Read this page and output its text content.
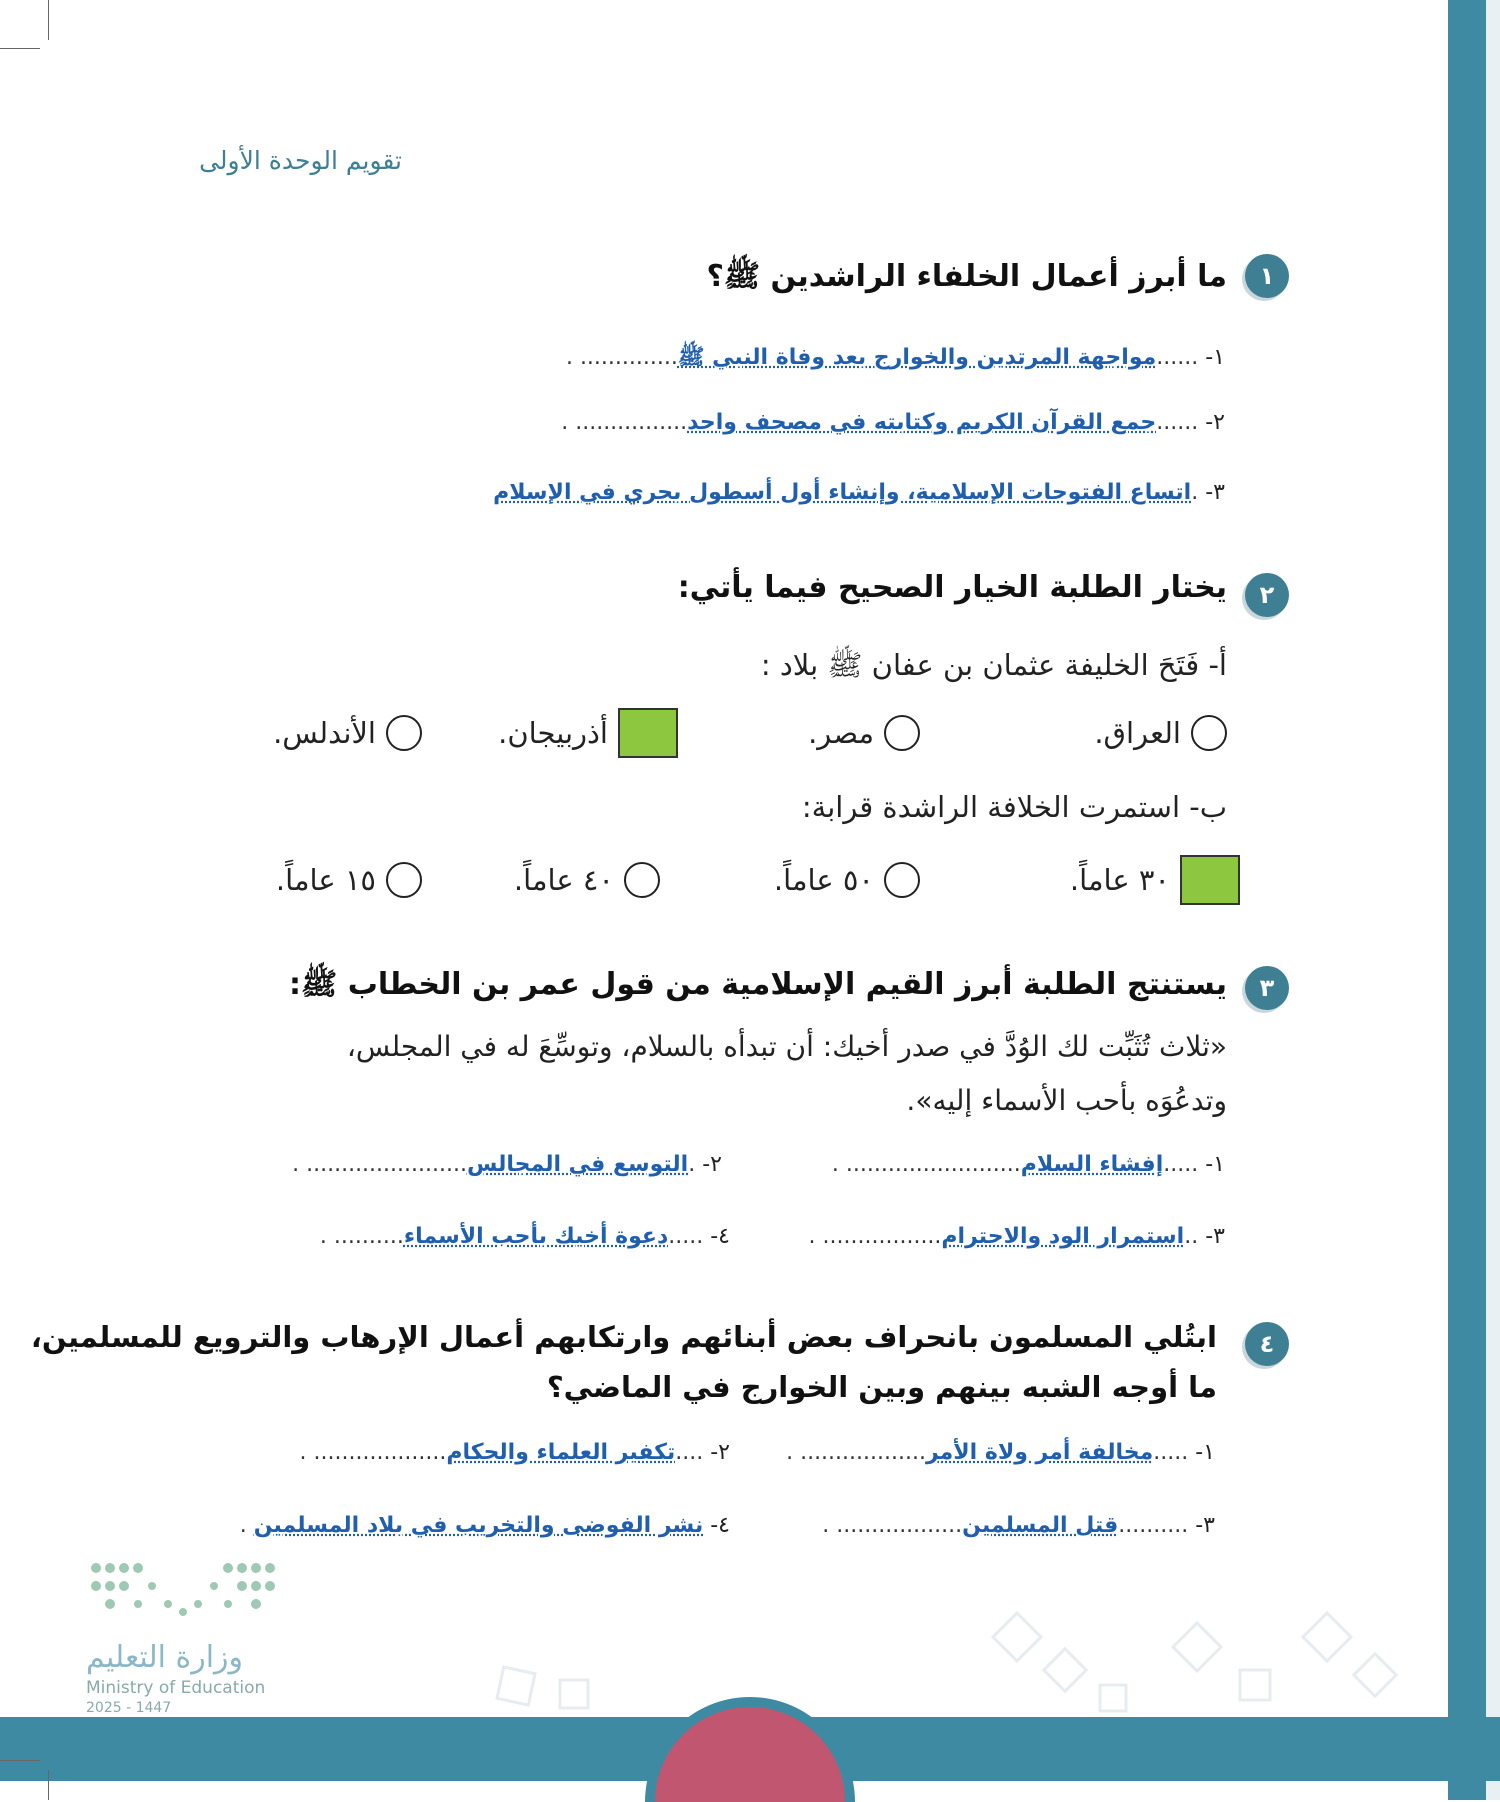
تقويم الوحدة الأولى
١
ما أبرز أعمال الخلفاء الراشدين ﷺ؟
١- ......مواجهة المرتدين والخوارج بعد وفاة النبي ﷺ.............. .
٢- ......جمع القرآن الكريم وكتابته في مصحف واحد................ .
٣- .اتساع الفتوحات الإسلامية، وإنشاء أول أسطول بحري في الإسلام
٢
يختار الطلبة الخيار الصحيح فيما يأتي:
أ- فَتَحَ الخليفة عثمان بن عفان ﷺ بلاد :
العراق.
مصر.
أذربيجان.
الأندلس.
ب- استمرت الخلافة الراشدة قرابة:
٣٠ عاماً.
٥٠ عاماً.
٤٠ عاماً.
١٥ عاماً.
٣
يستنتج الطلبة أبرز القيم الإسلامية من قول عمر بن الخطاب ﷺ:
«ثلاث تُثَبِّت لك الوُدَّ في صدر أخيك: أن تبدأه بالسلام، وتوسِّعَ له في المجلس،
وتدعُوَه بأحب الأسماء إليه».
١- .....إفشاء السلام......................... .
٢- .التوسع في المجالس....................... .
٣- ..استمرار الود والاحترام................. .
٤- .....دعوة أخيك بأحب الأسماء.......... .
٤
ابتُلي المسلمون بانحراف بعض أبنائهم وارتكابهم أعمال الإرهاب والترويع للمسلمين،
ما أوجه الشبه بينهم وبين الخوارج في الماضي؟
١- .....مخالفة أمر ولاة الأمر.................. .
٢- ....تكفير العلماء والحكام................... .
٣- ..........قتل المسلمين.................. .
٤- نشر الفوضى والتخريب في بلاد المسلمين .
وزارة التعليم
Ministry of Education
2025 - 1447
٢٩
